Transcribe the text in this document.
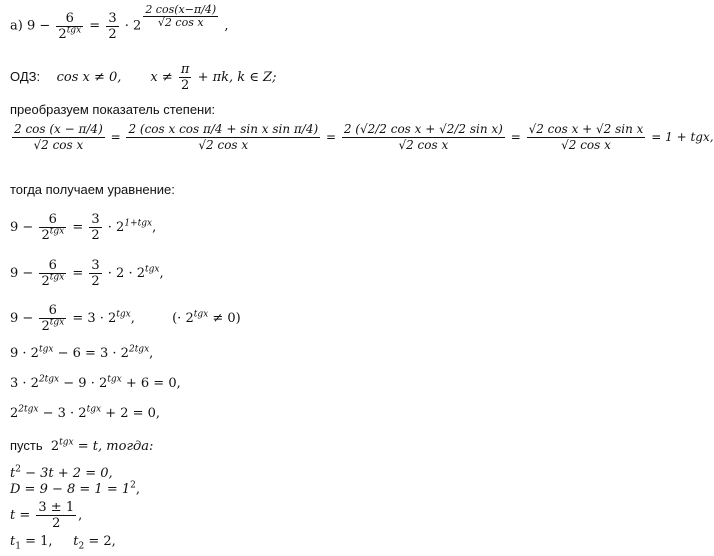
а) $9 - \frac{6}{2^{tgx}} = \frac{3}{2} \cdot 2 \frac{2 \cos(x-\pi/4)}{\text{√2 cos x}}$ ,
ОДЗ: cos x ≠ 0, $x \ne \frac{\pi}{2} + \pi k$, k ∈ Z;
преобразуем показатель степени:
$\frac{2 \cos (x - \pi/4)}{\text{√2 cos x}} = \frac{\text{2 (cos x cos π/4 + sin x sin π/4)}}{\text{√2 cos x}} = \frac{\text{2 (√2/2 cos x + √2/2 sin x)}}{\text{√2 cos x}} = \frac{\text{√2 cos x + √2 sin x}}{\text{√2 cos x}} = 1$ + tgx,
тогда получаем уравнение:
$9 - \frac{6}{2^{tgx}} = \frac{3}{2} \cdot 2^{1+tgx}$,
$9 - \frac{6}{2^{tgx}} = \frac{3}{2} \cdot 2 \cdot 2^{tgx}$,
$9 - \frac{6}{2^{tgx}} = 3 \cdot 2^{tgx}$,	(· $2^{tgx} \ne 0$)
$9 \cdot 2^{tgx} - 6 = 3 \cdot 2^{2tgx}$,
$3 \cdot 2^{2tgx} - 9 \cdot 2^{tgx} + 6 = 0$,
$2^{2tgx} - 3 \cdot 2^{tgx} + 2 = 0$,
пусть $2^{tgx} = t$, тогда:
$t^2 - 3t + 2 = 0$,
$D = 9 - 8 = 1 = 1^2$,
$t = \frac{3 \pm 1}{2}$ ,
$t_1 = 1$, $t_2 = 2$,
